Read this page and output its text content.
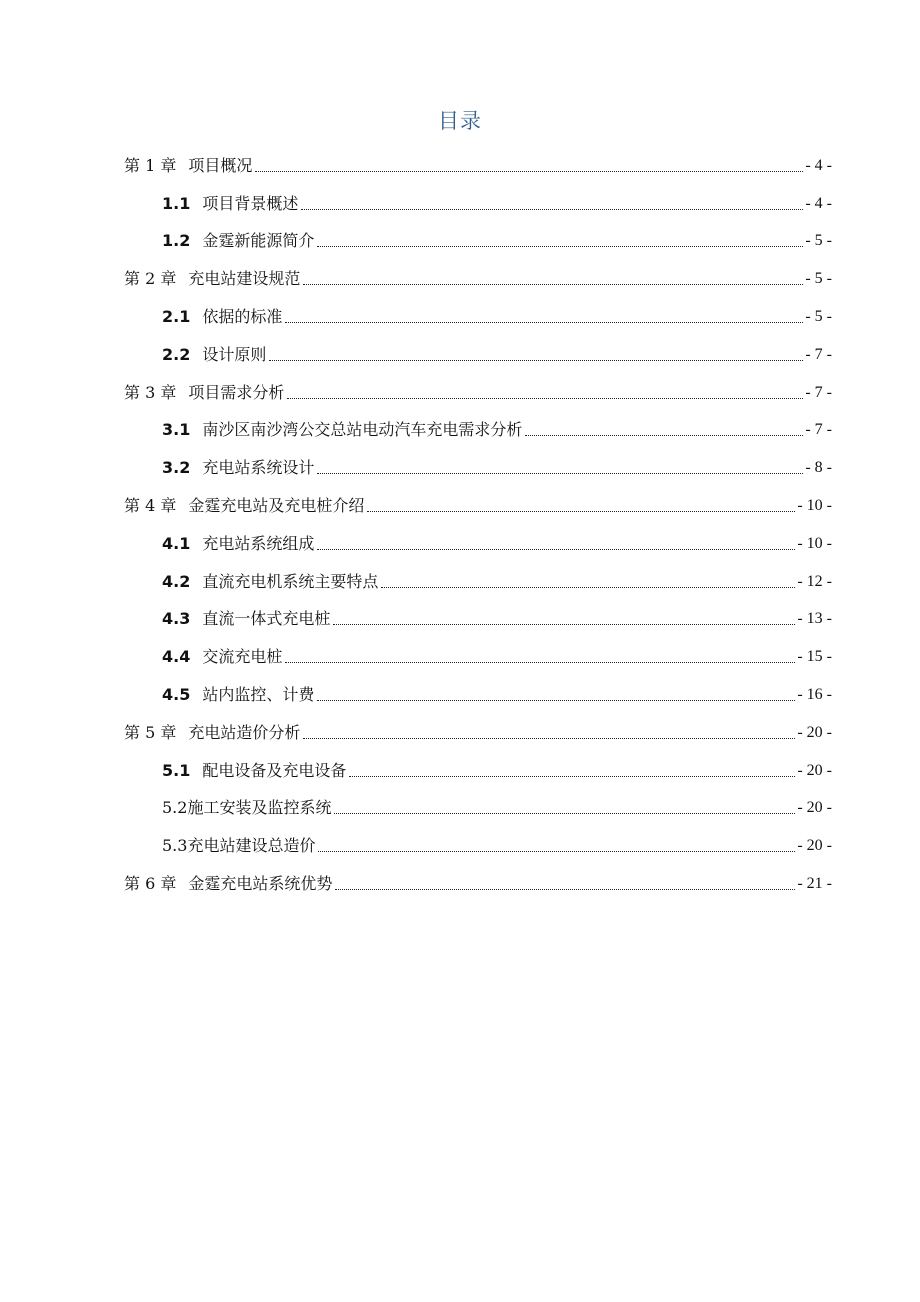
目录
第 1 章 项目概况	- 4 -
1.1 项目背景概述	- 4 -
1.2 金霆新能源简介	- 5 -
第 2 章 充电站建设规范	- 5 -
2.1 依据的标准	- 5 -
2.2 设计原则	- 7 -
第 3 章 项目需求分析	- 7 -
3.1 南沙区南沙湾公交总站电动汽车充电需求分析	- 7 -
3.2 充电站系统设计	- 8 -
第 4 章 金霆充电站及充电桩介绍	- 10 -
4.1 充电站系统组成	- 10 -
4.2 直流充电机系统主要特点	- 12 -
4.3 直流一体式充电桩	- 13 -
4.4 交流充电桩	- 15 -
4.5 站内监控、计费	- 16 -
第 5 章 充电站造价分析	- 20 -
5.1 配电设备及充电设备	- 20 -
5.2 施工安装及监控系统	- 20 -
5.3 充电站建设总造价	- 20 -
第 6 章 金霆充电站系统优势	- 21 -
